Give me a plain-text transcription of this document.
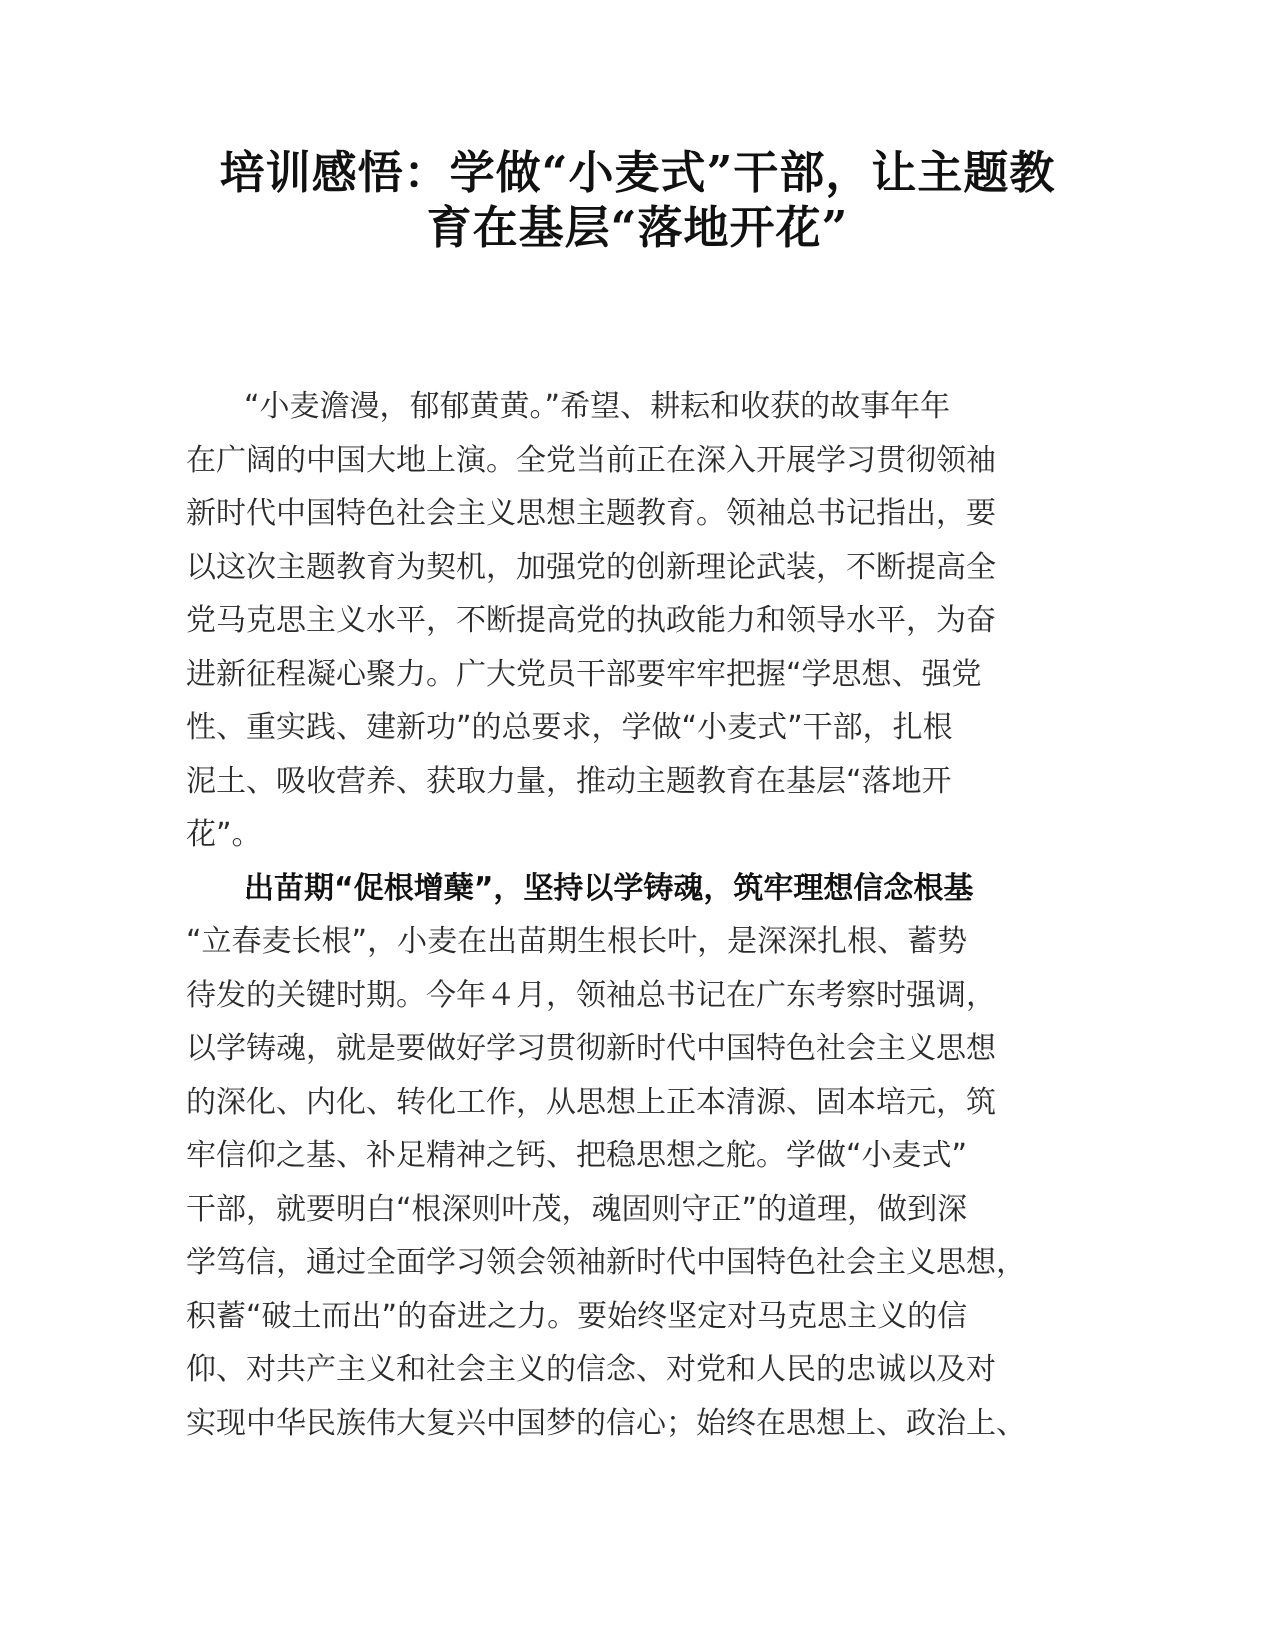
培训感悟：学做“小麦式”干部，让主题教
育在基层“落地开花”
“小麦澹漫，郁郁黄黄。”希望、耕耘和收获的故事年年
在广阔的中国大地上演。全党当前正在深入开展学习贯彻领袖
新时代中国特色社会主义思想主题教育。领袖总书记指出，要
以这次主题教育为契机，加强党的创新理论武装，不断提高全
党马克思主义水平，不断提高党的执政能力和领导水平，为奋
进新征程凝心聚力。广大党员干部要牢牢把握“学思想、强党
性、重实践、建新功”的总要求，学做“小麦式”干部，扎根
泥土、吸收营养、获取力量，推动主题教育在基层“落地开
花”。
出苗期“促根增蘖”，坚持以学铸魂，筑牢理想信念根基
“立春麦长根”，小麦在出苗期生根长叶，是深深扎根、蓄势
待发的关键时期。今年４月，领袖总书记在广东考察时强调，
以学铸魂，就是要做好学习贯彻新时代中国特色社会主义思想
的深化、内化、转化工作，从思想上正本清源、固本培元，筑
牢信仰之基、补足精神之钙、把稳思想之舵。学做“小麦式”
干部，就要明白“根深则叶茂，魂固则守正”的道理，做到深
学笃信，通过全面学习领会领袖新时代中国特色社会主义思想，
积蓄“破土而出”的奋进之力。要始终坚定对马克思主义的信
仰、对共产主义和社会主义的信念、对党和人民的忠诚以及对
实现中华民族伟大复兴中国梦的信心；始终在思想上、政治上、
